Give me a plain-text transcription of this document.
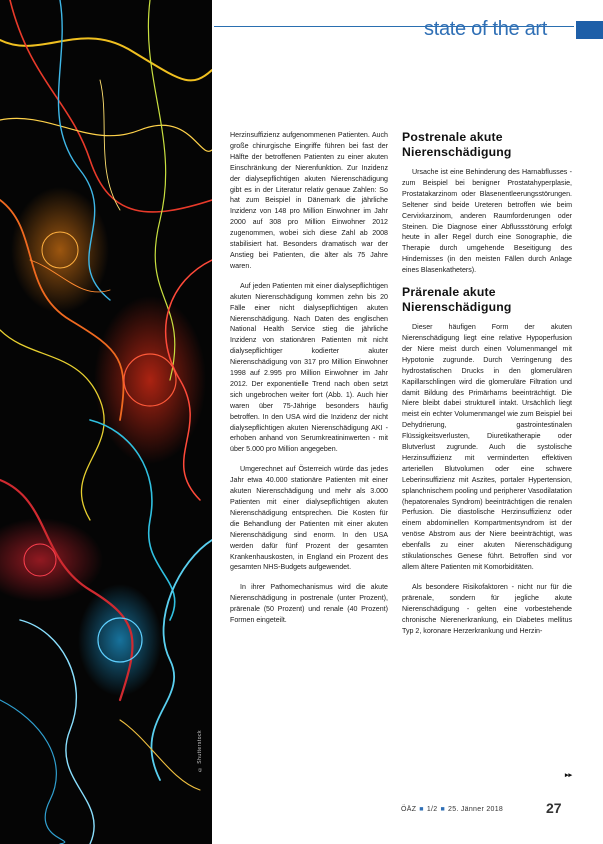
© Shutterstock
state of the art

Herzinsuffizienz aufgenommenen Patienten. Auch große chirurgische Eingriffe führen bei fast der Hälfte der betroffenen Patienten zu einer akuten Einschränkung der Nierenfunktion. Zur Inzidenz der dialysepflichtigen akuten Nierenschädigung gibt es in der Literatur relativ genaue Zahlen: So hat zum Beispiel in Dänemark die jährliche Inzidenz von 148 pro Million Einwohner im Jahr 2000 auf 308 pro Million Einwohner 2012 zugenommen, wobei sich diese Zahl ab 2008 stabilisiert hat. Besonders dramatisch war der Anstieg bei Patienten, die älter als 75 Jahre waren.

Auf jeden Patienten mit einer dialysepflichtigen akuten Nierenschädigung kommen zehn bis 20 Fälle einer nicht dialysepflichtigen akuten Nierenschädigung. Nach Daten des englischen National Health Service stieg die jährliche Inzidenz von stationären Patienten mit nicht dialysepflichtiger kodierter akuter Nierenschädigung von 317 pro Million Einwohner 1998 auf 2.995 pro Million Einwohner im Jahr 2012. Der exponentielle Trend nach oben setzt sich ungebrochen weiter fort (Abb. 1). Auch hier waren über 75-Jährige besonders häufig betroffen. In den USA wird die Inzidenz der nicht dialysepflichtigen akuten Nierenschädigung AKI - erhoben anhand von Serumkreatininwerten - mit über 5.000 pro Million angegeben.

Umgerechnet auf Österreich würde das jedes Jahr etwa 40.000 stationäre Patienten mit einer akuten Nierenschädigung und mehr als 3.000 Patienten mit einer dialysepflichtigen akuten Nierenschädigung entsprechen. Die Kosten für die Behandlung der Patienten mit einer akuten Nierenschädigung sind enorm. In den USA werden dafür fünf Prozent der gesamten Krankenhauskosten, in England ein Prozent des gesamten NHS-Budgets aufgewendet.

In ihrer Pathomechanismus wird die akute Nierenschädigung in postrenale (unter Prozent), prärenale (50 Prozent) und renale (40 Prozent) Formen eingeteilt.

Postrenale akute Nierenschädigung

Ursache ist eine Behinderung des Harnabflusses - zum Beispiel bei benigner Prostatahyperplasie, Prostatakarzinom oder Blasenentleerungsstörungen. Seltener sind beide Ureteren betroffen wie beim Cervixkarzinom, anderen Raumforderungen oder Steinen. Die Diagnose einer Abflussstörung erfolgt heute in aller Regel durch eine Sonographie, die Therapie durch umgehende Beseitigung des Hindernisses (in den meisten Fällen durch Anlage eines Blasenkatheters).

Prärenale akute Nierenschädigung

Dieser häufigen Form der akuten Nierenschädigung liegt eine relative Hypoperfusion der Niere meist durch einen Volumenmangel mit Hypotonie zugrunde. Durch Verringerung des hydrostatischen Drucks in den glomerulären Kapillarschlingen wird die glomeruläre Filtration und damit Bildung des Primärharns beeinträchtigt. Die Niere bleibt dabei strukturell intakt. Ursächlich liegt meist ein echter Volumenmangel wie zum Beispiel bei Dehydrierung, gastrointestinalen Flüssigkeitsverlusten, Diuretikatherapie oder Blutverlust zugrunde. Auch die systolische Herzinsuffizienz mit verminderten effektiven arteriellen Blutvolumen oder eine schwere Leberinsuffizienz mit Aszites, portaler Hypertension, splanchnischem pooling und peripherer Vasodilatation (hepatorenales Syndrom) beeinträchtigen die renalen Perfusion. Die diastolische Herzinsuffizienz oder einem abdominellen Kompartmentsyndrom ist der venöse Abstrom aus der Niere beeinträchtigt, was ebenfalls zu einer akuten Nierenschädigung stikulationsches Genese führt. Betroffen sind vor allem ältere Patienten mit Komorbiditäten.

Als besondere Risikofaktoren - nicht nur für die prärenale, sondern für jegliche akute Nierenschädigung - gelten eine vorbestehende chronische Nierenerkrankung, ein Diabetes mellitus Typ 2, koronare Herzerkrankung und Herzin-

▸▸
ÖÄZ ■ 1/2 ■ 25. Jänner 2018	27
